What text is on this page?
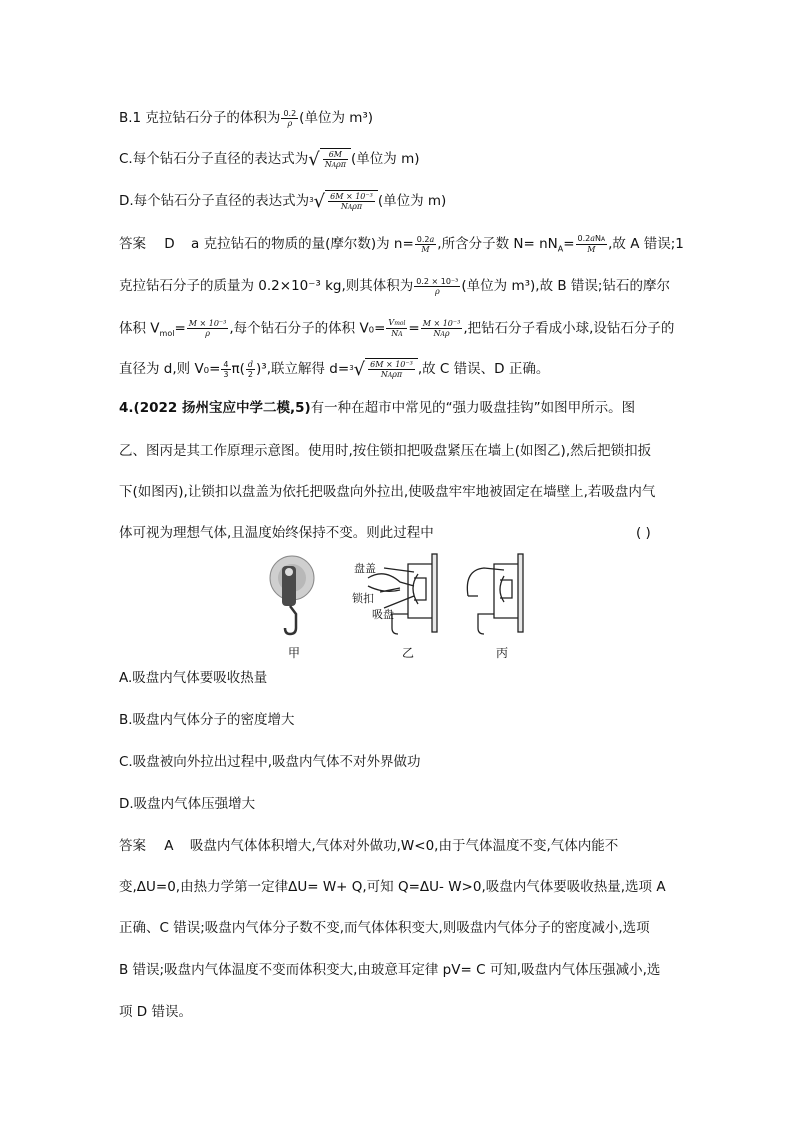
B.1 克拉钻石分子的体积为 $\frac{0.2}{\rho}$ (单位为 m³)
C.每个钻石分子直径的表达式为√ $\frac{6M}{\text{NAρπ}}$ (单位为 m)
D.每个钻石分子直径的表达式为$^3√ \frac{\text{6M × 10⁻³}}{\text{NAρπ}}$ (单位为 m)
答案 D a 克拉钻石的物质的量(摩尔数)为 $n= \frac{0.2a}{M}$ ,所含分子数 $N= nN_A= \frac{\text{0.2aNA}}{M}$ ,故 A 错误;1
克拉钻石分子的质量为 0.2×10⁻³ kg,则其体积为 $\frac{\text{0.2 × 10⁻³}}{\rho}$ (单位为 m³),故 B 错误;钻石的摩尔
体积 $V_{mol}= \frac{\text{M × 10⁻³}}{\rho}$ ,每个钻石分子的体积 $V_0= \frac{\text{Vmol}}{NA} = \frac{\text{M × 10⁻³}}{\text{NAρ}}$ ,把钻石分子看成小球,设钻石分子的
直径为 d,则 $V_0= \frac{4}{3} \pi( \frac{d}{2} )^3$,联立解得 $d=^3√ \frac{\text{6M × 10⁻³}}{\text{NAρπ}}$ ,故 C 错误、D 正确。
4.(2022 扬州宝应中学二模,5)有一种在超市中常见的“强力吸盘挂钩”如图甲所示。图
乙、图丙是其工作原理示意图。使用时,按住锁扣把吸盘紧压在墙上(如图乙),然后把锁扣扳
下(如图丙),让锁扣以盘盖为依托把吸盘向外拉出,使吸盘牢牢地被固定在墙壁上,若吸盘内气
体可视为理想气体,且温度始终保持不变。则此过程中	( )
盘盖
锁扣
吸盘
甲	乙	丙
A.吸盘内气体要吸收热量
B.吸盘内气体分子的密度增大
C.吸盘被向外拉出过程中,吸盘内气体不对外界做功
D.吸盘内气体压强增大
答案 A 吸盘内气体体积增大,气体对外做功,W<0,由于气体温度不变,气体内能不
变,ΔU=0,由热力学第一定律ΔU= W+ Q,可知 Q=ΔU- W>0,吸盘内气体要吸收热量,选项 A
正确、C 错误;吸盘内气体分子数不变,而气体体积变大,则吸盘内气体分子的密度减小,选项
B 错误;吸盘内气体温度不变而体积变大,由玻意耳定律 pV= C 可知,吸盘内气体压强减小,选
项 D 错误。
